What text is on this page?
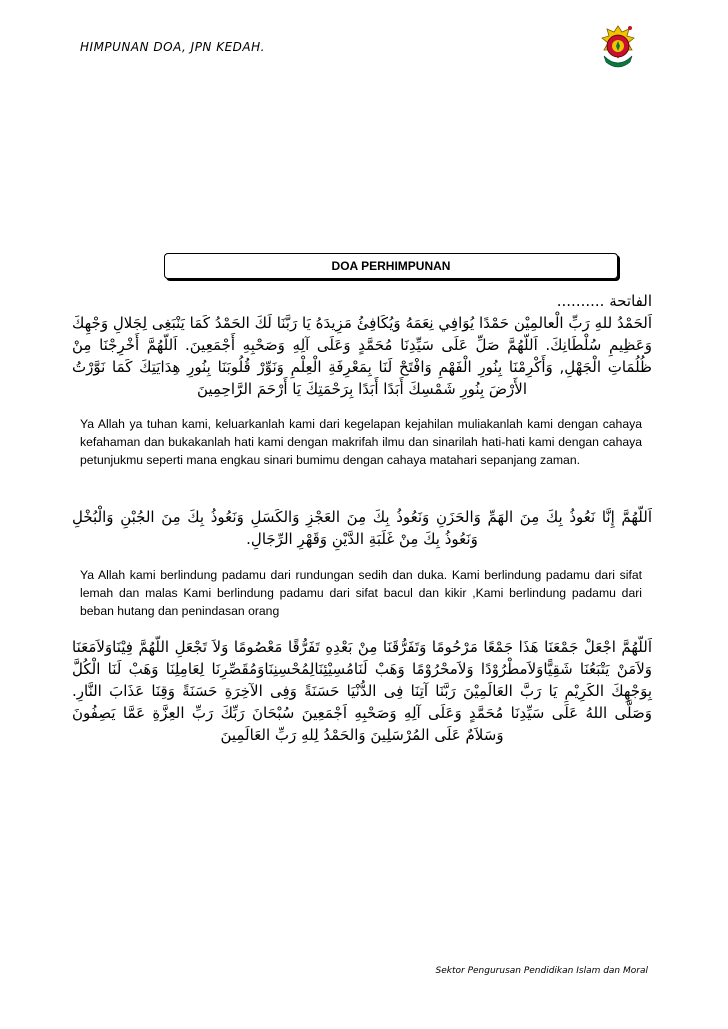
HIMPUNAN DOA, JPN KEDAH.
DOA PERHIMPUNAN
الفاتحة ..........
اَلحَمْدُ للهِ رَبِّ الْعالمِيْن حَمْدًا يُوَافِي نِعَمَهُ وَيُكَافِئُ مَزِيدَهُ يَا رَبَّنَا لَكَ الحَمْدُ كَمَا يَنْبَغِى لِجَلالِ وَجْهِكَ وَعَظِيمِ سُلْطَانِكَ. اَللّهُمَّ صَلِّ عَلَى سَيِّدِنَا مُحَمَّدٍ وَعَلَى آلِهِ وَصَحْبِهِ أَجْمَعِينَ. اَللّهُمَّ أَخْرِجْنَا مِنْ ظُلُمَاتِ الْجَهْلِ, وَأَكْرِمْنَا بِنُورِ الْفَهْمِ وَافْتَحْ لَنَا بِمَعْرِفَةِ الْعِلْمِ وَنَوِّرْ قُلُوبَنَا بِنُورِ هِدَايَتِكَ كَمَا نَوَّرْتُ الأَرْضَ بِنُورِ شَمْسِكَ أَبَدًا أَبَدًا بِرَحْمَتِكَ يَا أَرْحَمَ الرَّاحِمِينَ
Ya Allah ya tuhan kami, keluarkanlah kami dari kegelapan kejahilan muliakanlah kami dengan cahaya kefahaman dan bukakanlah hati kami dengan makrifah ilmu dan sinarilah hati-hati kami dengan cahaya petunjukmu seperti mana engkau sinari bumimu dengan cahaya matahari sepanjang zaman.
اَللّهُمَّ إِنَّا نَعُوذُ بِكَ مِنَ الهَمِّ وَالحَزَنِ وَنَعُوذُ بِكَ مِنَ العَجْزِ وَالكَسَلِ وَنَعُوذُ بِكَ مِنَ الجُبْنِ وَالْبُخْلِ وَنَعُوذُ بِكَ مِنْ غَلَبَةِ الدَّيْنِ وَقَهْرِ الرِّجَالِ.
Ya Allah kami berlindung padamu dari rundungan sedih dan duka. Kami berlindung padamu dari sifat lemah dan malas Kami berlindung padamu dari sifat bacul dan kikir ,Kami berlindung padamu dari beban hutang dan penindasan orang
اَللّهُمَّ اجْعَلْ جَمْعَنَا هَذَا جَمْعًا مَرْحُومًا وَتَفَرُّقَنَا مِنْ بَعْدِهِ تَفَرُّقًا مَعْصُومًا وَلاَ تَجْعَلِ اللّهُمَّ فِيْنَاوَلاَمَعَنَا وَلاَمَنْ يَتْبَعُنَا شَقِيًّاوَلاَمطْرُوْدًا وَلاَمحْرُوْمًا وَهَبْ لَنَامُسِيْئِنَالِمُحْسِنِنَاوَمُقَصِّرِنَا لِعَامِلِنَا وَهَبْ لَنَا الْكُلَّ بِوَجْهِكَ الكَرِيْمِ يَا رَبَّ العَالَمِيْنَ رَبَّنَا آتِنَا فِى الدُّنْيَا حَسَنَةً وَفِى الآخِرَةِ حَسَنَةً وَقِنَا عَذَابَ النَّارِ. وَصَلَّى اللهُ عَلَى سَيِّدِنَا مُحَمَّدٍ وَعَلَى آلِهِ وَصَحْبِهِ اَجْمَعِينَ سُبْحَانَ رَبِّكَ رَبِّ العِزَّةِ عَمَّا يَصِفُونَ وَسَلاَمٌ عَلَى المُرْسَلِينَ وَالحَمْدُ لِلهِ رَبِّ العَالَمِينَ
Sektor Pengurusan Pendidikan Islam dan Moral
